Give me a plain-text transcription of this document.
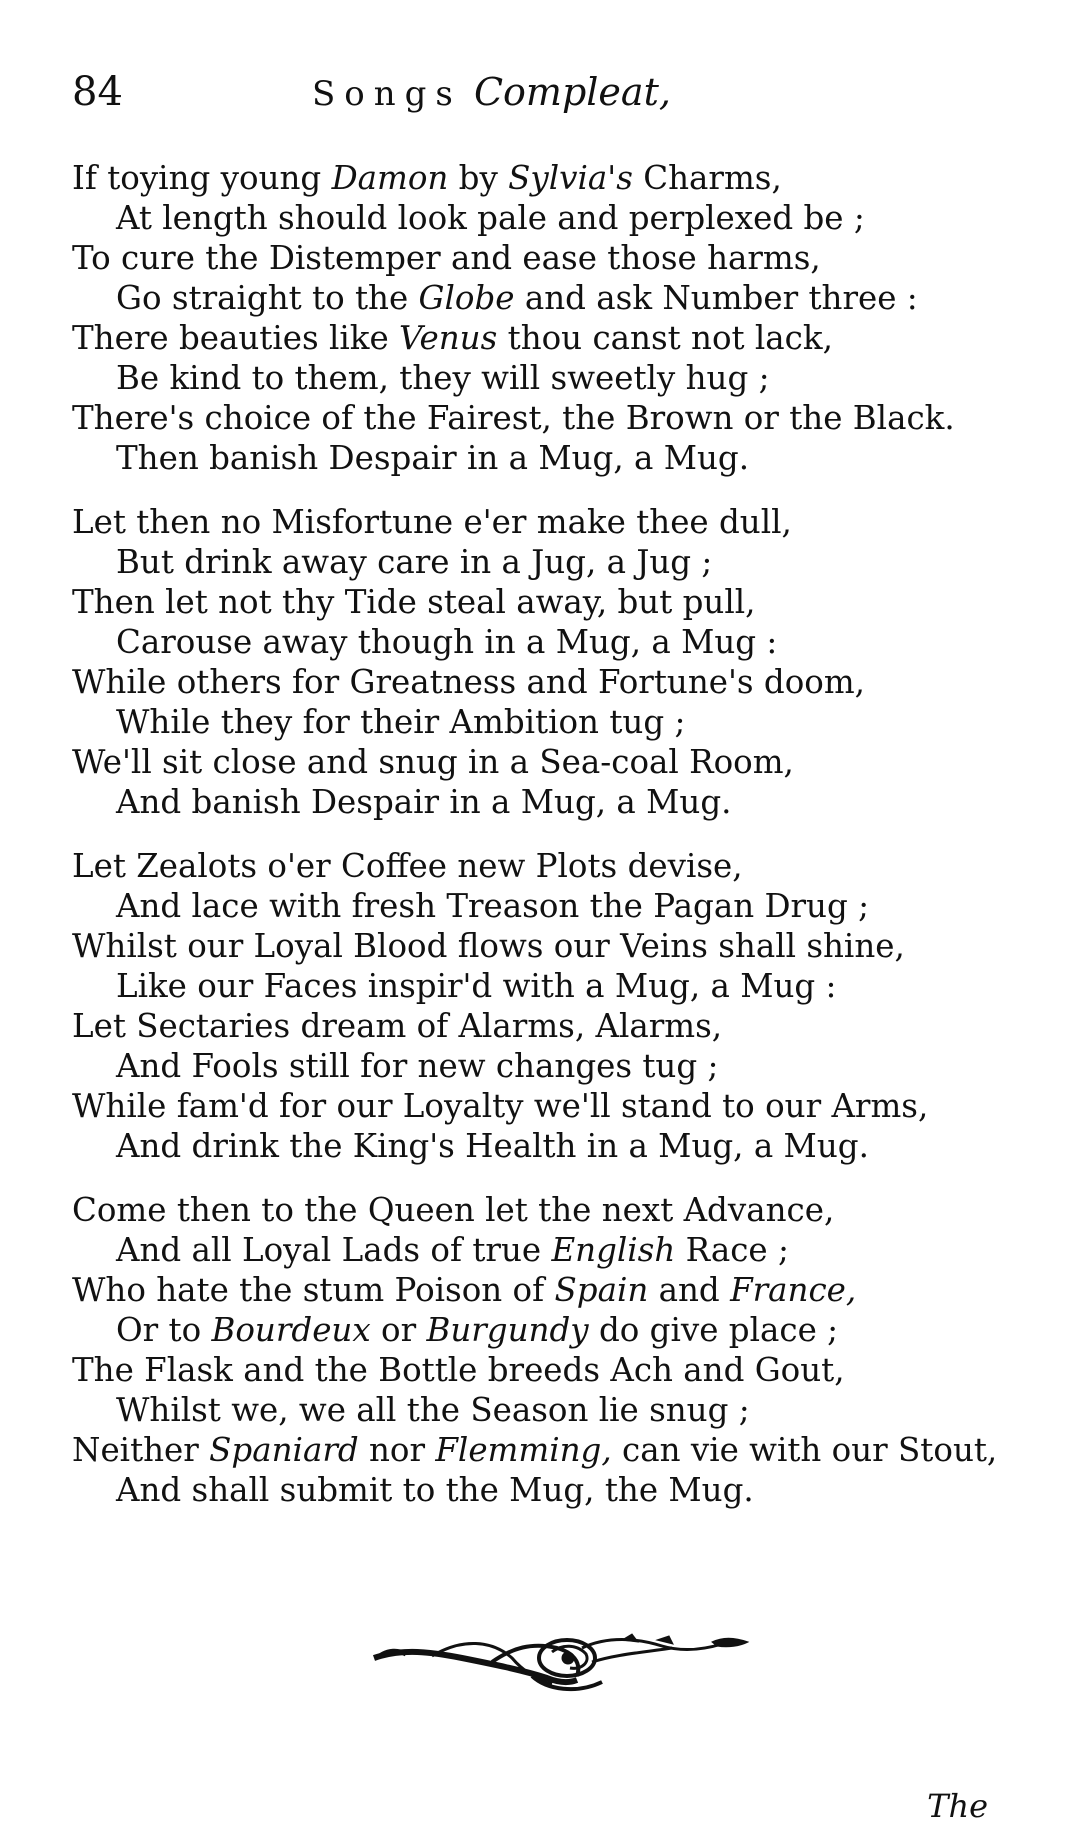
84	Songs Compleat,
If toying young Damon by Sylvia's Charms,
At length should look pale and perplexed be ;
To cure the Distemper and ease those harms,
Go straight to the Globe and ask Number three :
There beauties like Venus thou canst not lack,
Be kind to them, they will sweetly hug ;
There's choice of the Fairest, the Brown or the Black.
Then banish Despair in a Mug, a Mug.
Let then no Misfortune e'er make thee dull,
But drink away care in a Jug, a Jug ;
Then let not thy Tide steal away, but pull,
Carouse away though in a Mug, a Mug :
While others for Greatness and Fortune's doom,
While they for their Ambition tug ;
We'll sit close and snug in a Sea-coal Room,
And banish Despair in a Mug, a Mug.
Let Zealots o'er Coffee new Plots devise,
And lace with fresh Treason the Pagan Drug ;
Whilst our Loyal Blood flows our Veins shall shine,
Like our Faces inspir'd with a Mug, a Mug :
Let Sectaries dream of Alarms, Alarms,
And Fools still for new changes tug ;
While fam'd for our Loyalty we'll stand to our Arms,
And drink the King's Health in a Mug, a Mug.
Come then to the Queen let the next Advance,
And all Loyal Lads of true English Race ;
Who hate the stum Poison of Spain and France,
Or to Bourdeux or Burgundy do give place ;
The Flask and the Bottle breeds Ach and Gout,
Whilst we, we all the Season lie snug ;
Neither Spaniard nor Flemming, can vie with our Stout,
And shall submit to the Mug, the Mug.
The
